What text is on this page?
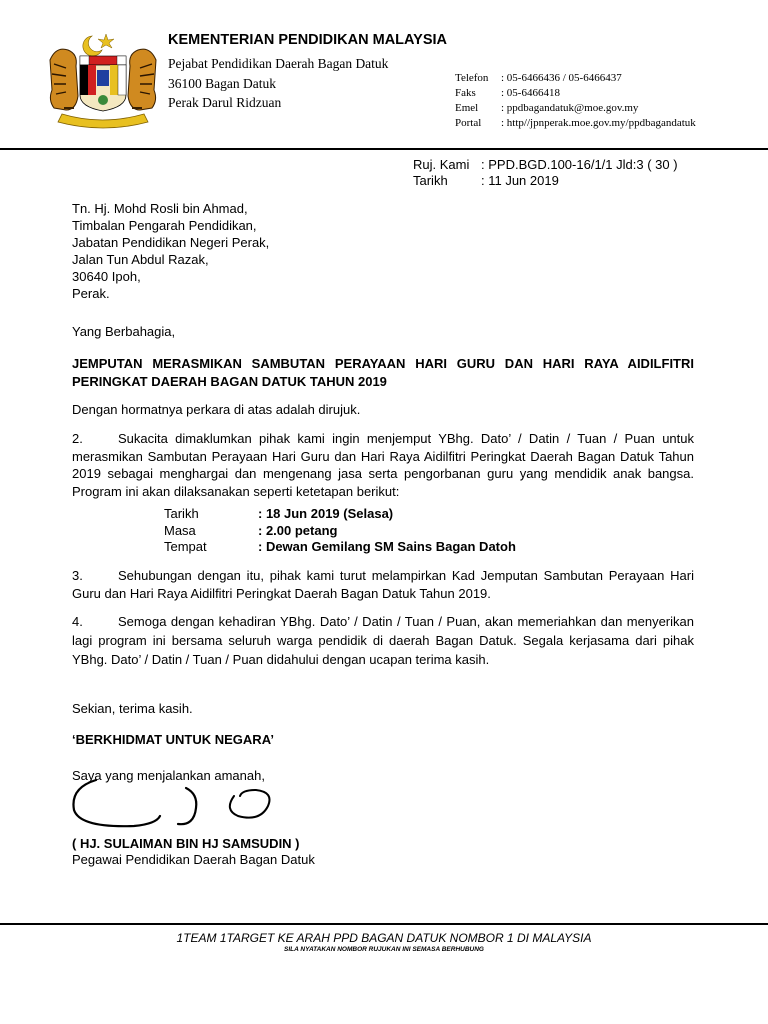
KEMENTERIAN PENDIDIKAN MALAYSIA
Pejabat Pendidikan Daerah Bagan Datuk
36100 Bagan Datuk
Perak Darul Ridzuan
Telefon : 05-6466436 / 05-6466437
Faks : 05-6466418
Emel : ppdbagandatuk@moe.gov.my
Portal : http//jpnperak.moe.gov.my/ppdbagandatuk
Ruj. Kami : PPD.BGD.100-16/1/1 Jld:3 ( 30 )
Tarikh	: 11 Jun 2019
Tn. Hj. Mohd Rosli bin Ahmad,
Timbalan Pengarah Pendidikan,
Jabatan Pendidikan Negeri Perak,
Jalan Tun Abdul Razak,
30640 Ipoh,
Perak.
Yang Berbahagia,
JEMPUTAN MERASMIKAN SAMBUTAN PERAYAAN HARI GURU DAN HARI RAYA AIDILFITRI PERINGKAT DAERAH BAGAN DATUK TAHUN 2019
Dengan hormatnya perkara di atas adalah dirujuk.
2.	Sukacita dimaklumkan pihak kami ingin menjemput YBhg. Dato’ / Datin / Tuan / Puan untuk merasmikan Sambutan Perayaan Hari Guru dan Hari Raya Aidilfitri Peringkat Daerah Bagan Datuk Tahun 2019 sebagai menghargai dan mengenang jasa serta pengorbanan guru yang mendidik anak bangsa. Program ini akan dilaksanakan seperti ketetapan berikut:
Tarikh	: 18 Jun 2019 (Selasa)
Masa	: 2.00 petang
Tempat	: Dewan Gemilang SM Sains Bagan Datoh
3.	Sehubungan dengan itu, pihak kami turut melampirkan Kad Jemputan Sambutan Perayaan Hari Guru dan Hari Raya Aidilfitri Peringkat Daerah Bagan Datuk Tahun 2019.
4.	Semoga dengan kehadiran YBhg. Dato’ / Datin / Tuan / Puan, akan memeriahkan dan menyerikan lagi program ini bersama seluruh warga pendidik di daerah Bagan Datuk. Segala kerjasama dari pihak YBhg. Dato’ / Datin / Tuan / Puan didahului dengan ucapan terima kasih.
Sekian, terima kasih.
‘BERKHIDMAT UNTUK NEGARA’
Saya yang menjalankan amanah,
( HJ. SULAIMAN BIN HJ SAMSUDIN )
Pegawai Pendidikan Daerah Bagan Datuk
1TEAM 1TARGET KE ARAH PPD BAGAN DATUK NOMBOR 1 DI MALAYSIA
SILA NYATAKAN NOMBOR RUJUKAN INI SEMASA BERHUBUNG
